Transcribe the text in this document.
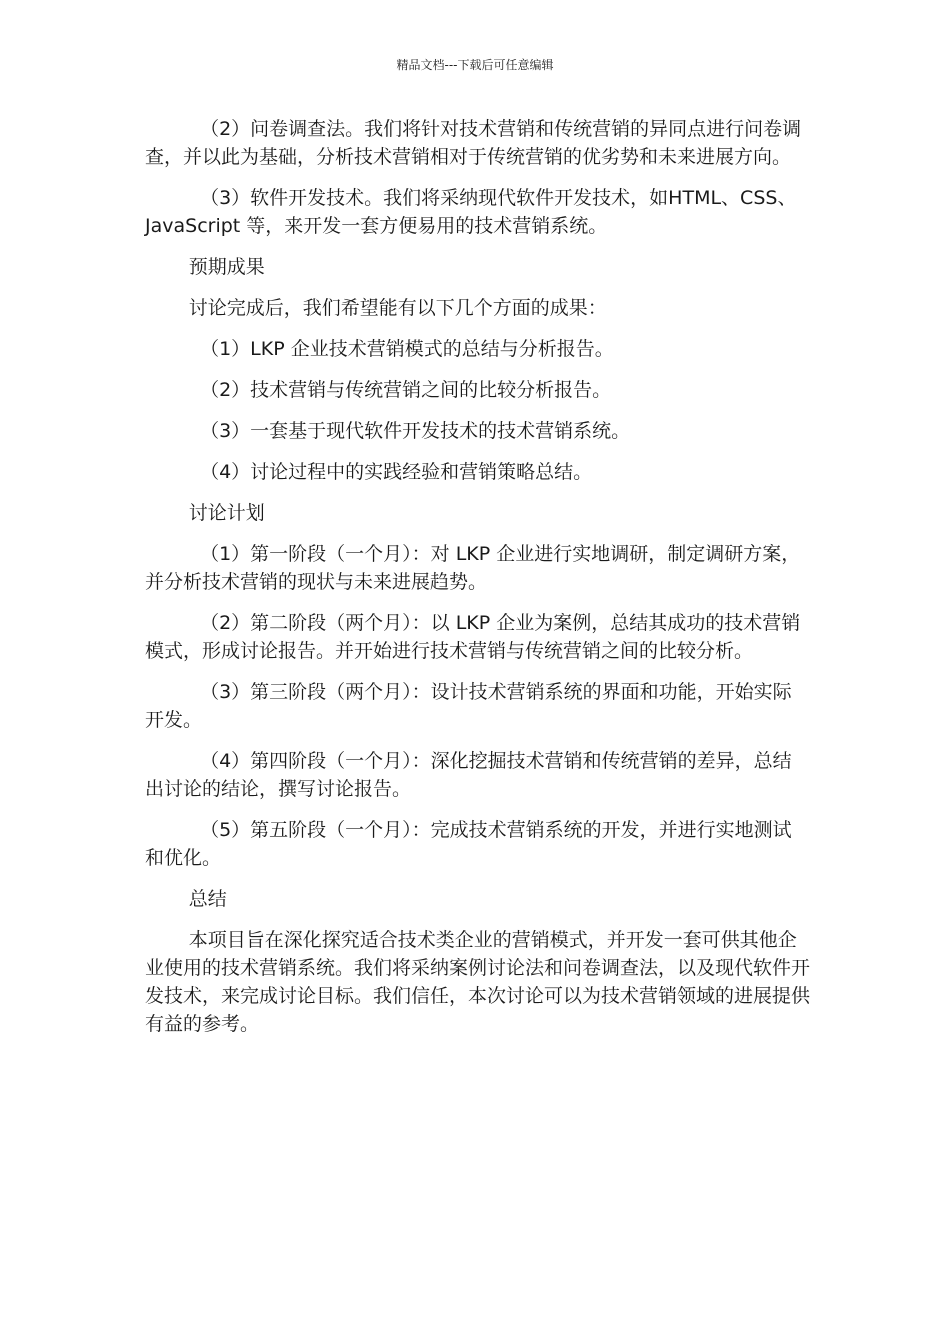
精品文档---下载后可任意编辑

（2）问卷调查法。我们将针对技术营销和传统营销的异同点进行问卷调查，并以此为基础，分析技术营销相对于传统营销的优劣势和未来进展方向。

（3）软件开发技术。我们将采纳现代软件开发技术，如HTML、CSS、JavaScript 等，来开发一套方便易用的技术营销系统。

预期成果

讨论完成后，我们希望能有以下几个方面的成果：

（1）LKP 企业技术营销模式的总结与分析报告。

（2）技术营销与传统营销之间的比较分析报告。

（3）一套基于现代软件开发技术的技术营销系统。

（4）讨论过程中的实践经验和营销策略总结。

讨论计划

（1）第一阶段（一个月）：对 LKP 企业进行实地调研，制定调研方案，并分析技术营销的现状与未来进展趋势。

（2）第二阶段（两个月）：以 LKP 企业为案例，总结其成功的技术营销模式，形成讨论报告。并开始进行技术营销与传统营销之间的比较分析。

（3）第三阶段（两个月）：设计技术营销系统的界面和功能，开始实际开发。

（4）第四阶段（一个月）：深化挖掘技术营销和传统营销的差异，总结出讨论的结论，撰写讨论报告。

（5）第五阶段（一个月）：完成技术营销系统的开发，并进行实地测试和优化。

总结

本项目旨在深化探究适合技术类企业的营销模式，并开发一套可供其他企业使用的技术营销系统。我们将采纳案例讨论法和问卷调查法，以及现代软件开发技术，来完成讨论目标。我们信任，本次讨论可以为技术营销领域的进展提供有益的参考。
